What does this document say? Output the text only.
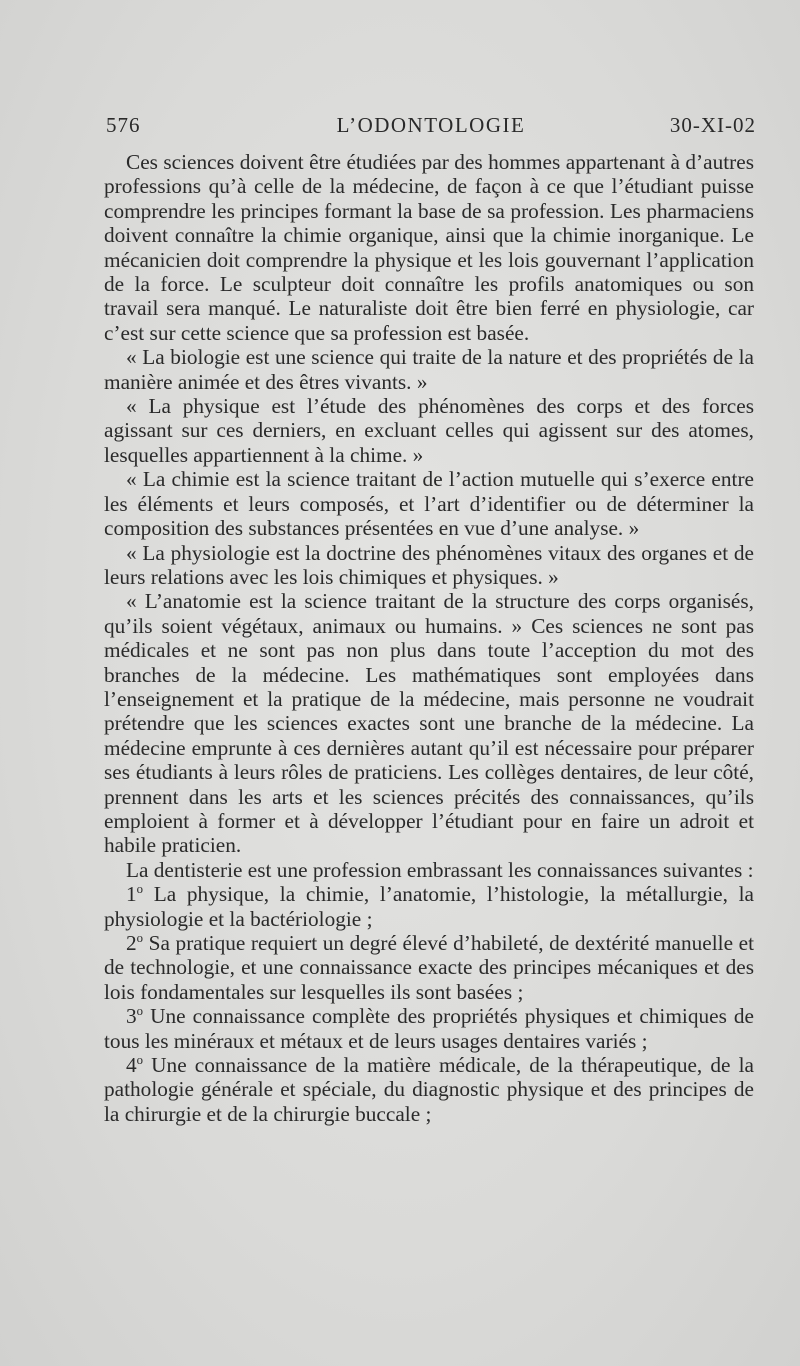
576	L’ODONTOLOGIE	30-XI-02

Ces sciences doivent être étudiées par des hommes appartenant à d’autres professions qu’à celle de la médecine, de façon à ce que l’étudiant puisse comprendre les principes formant la base de sa profession. Les pharmaciens doivent connaître la chimie organique, ainsi que la chimie inorganique. Le mécanicien doit comprendre la physique et les lois gouvernant l’application de la force. Le sculpteur doit connaître les profils anatomiques ou son travail sera manqué. Le naturaliste doit être bien ferré en physiologie, car c’est sur cette science que sa profession est basée.

« La biologie est une science qui traite de la nature et des propriétés de la manière animée et des êtres vivants. »

« La physique est l’étude des phénomènes des corps et des forces agissant sur ces derniers, en excluant celles qui agissent sur des atomes, lesquelles appartiennent à la chime. »

« La chimie est la science traitant de l’action mutuelle qui s’exerce entre les éléments et leurs composés, et l’art d’identifier ou de déterminer la composition des substances présentées en vue d’une analyse. »

« La physiologie est la doctrine des phénomènes vitaux des organes et de leurs relations avec les lois chimiques et physiques. »

« L’anatomie est la science traitant de la structure des corps organisés, qu’ils soient végétaux, animaux ou humains. » Ces sciences ne sont pas médicales et ne sont pas non plus dans toute l’acception du mot des branches de la médecine. Les mathématiques sont employées dans l’enseignement et la pratique de la médecine, mais personne ne voudrait prétendre que les sciences exactes sont une branche de la médecine. La médecine emprunte à ces dernières autant qu’il est nécessaire pour préparer ses étudiants à leurs rôles de praticiens. Les collèges dentaires, de leur côté, prennent dans les arts et les sciences précités des connaissances, qu’ils emploient à former et à développer l’étudiant pour en faire un adroit et habile praticien.

La dentisterie est une profession embrassant les connaissances suivantes :

1$^o$ La physique, la chimie, l’anatomie, l’histologie, la métallurgie, la physiologie et la bactériologie ;

2$^o$ Sa pratique requiert un degré élevé d’habileté, de dextérité manuelle et de technologie, et une connaissance exacte des principes mécaniques et des lois fondamentales sur lesquelles ils sont basées ;

3$^o$ Une connaissance complète des propriétés physiques et chimiques de tous les minéraux et métaux et de leurs usages dentaires variés ;

4$^o$ Une connaissance de la matière médicale, de la thérapeutique, de la pathologie générale et spéciale, du diagnostic physique et des principes de la chirurgie et de la chirurgie buccale ;
